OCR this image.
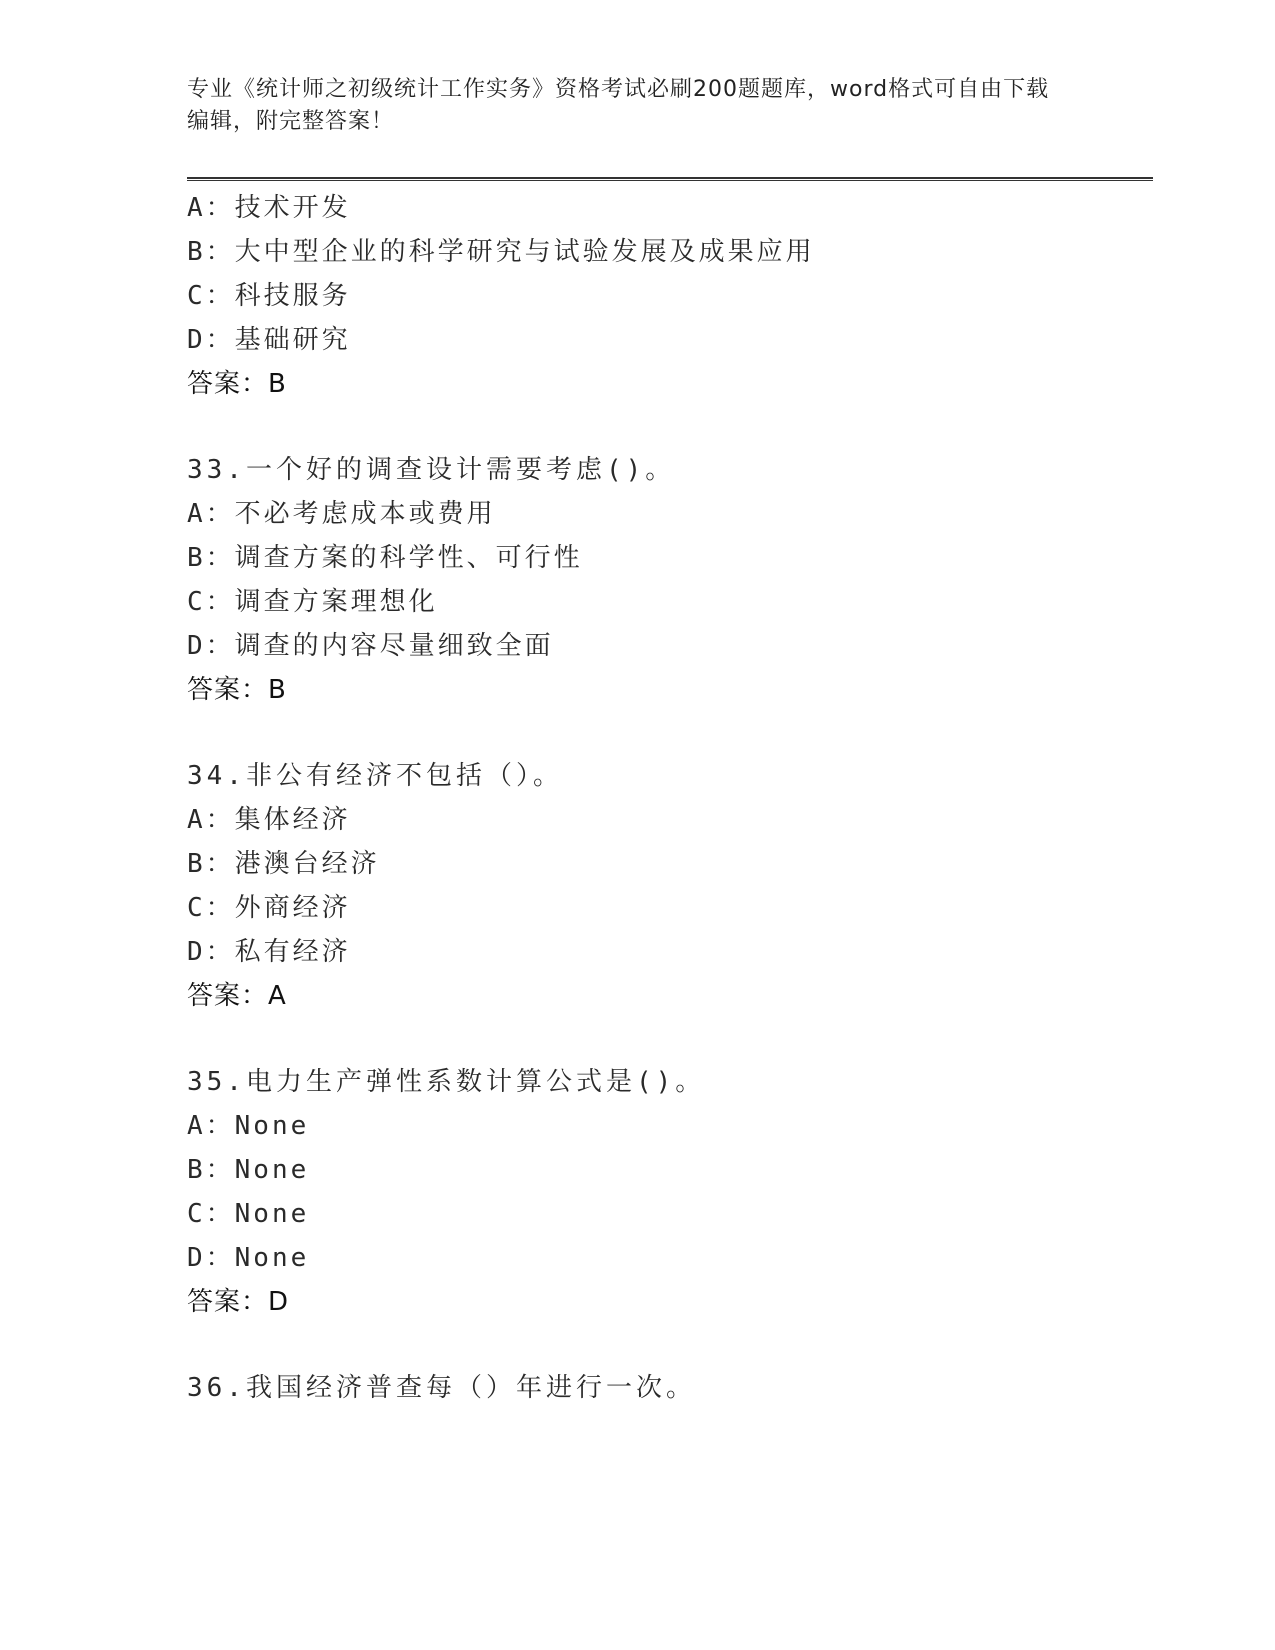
专业《统计师之初级统计工作实务》资格考试必刷200题题库，word格式可自由下载编辑，附完整答案！
A：技术开发
B：大中型企业的科学研究与试验发展及成果应用
C：科技服务
D：基础研究
答案：B
33.一个好的调查设计需要考虑()。
A：不必考虑成本或费用
B：调查方案的科学性、可行性
C：调查方案理想化
D：调查的内容尽量细致全面
答案：B
34.非公有经济不包括（）。
A：集体经济
B：港澳台经济
C：外商经济
D：私有经济
答案：A
35.电力生产弹性系数计算公式是()。
A：None
B：None
C：None
D：None
答案：D
36.我国经济普查每（）年进行一次。
